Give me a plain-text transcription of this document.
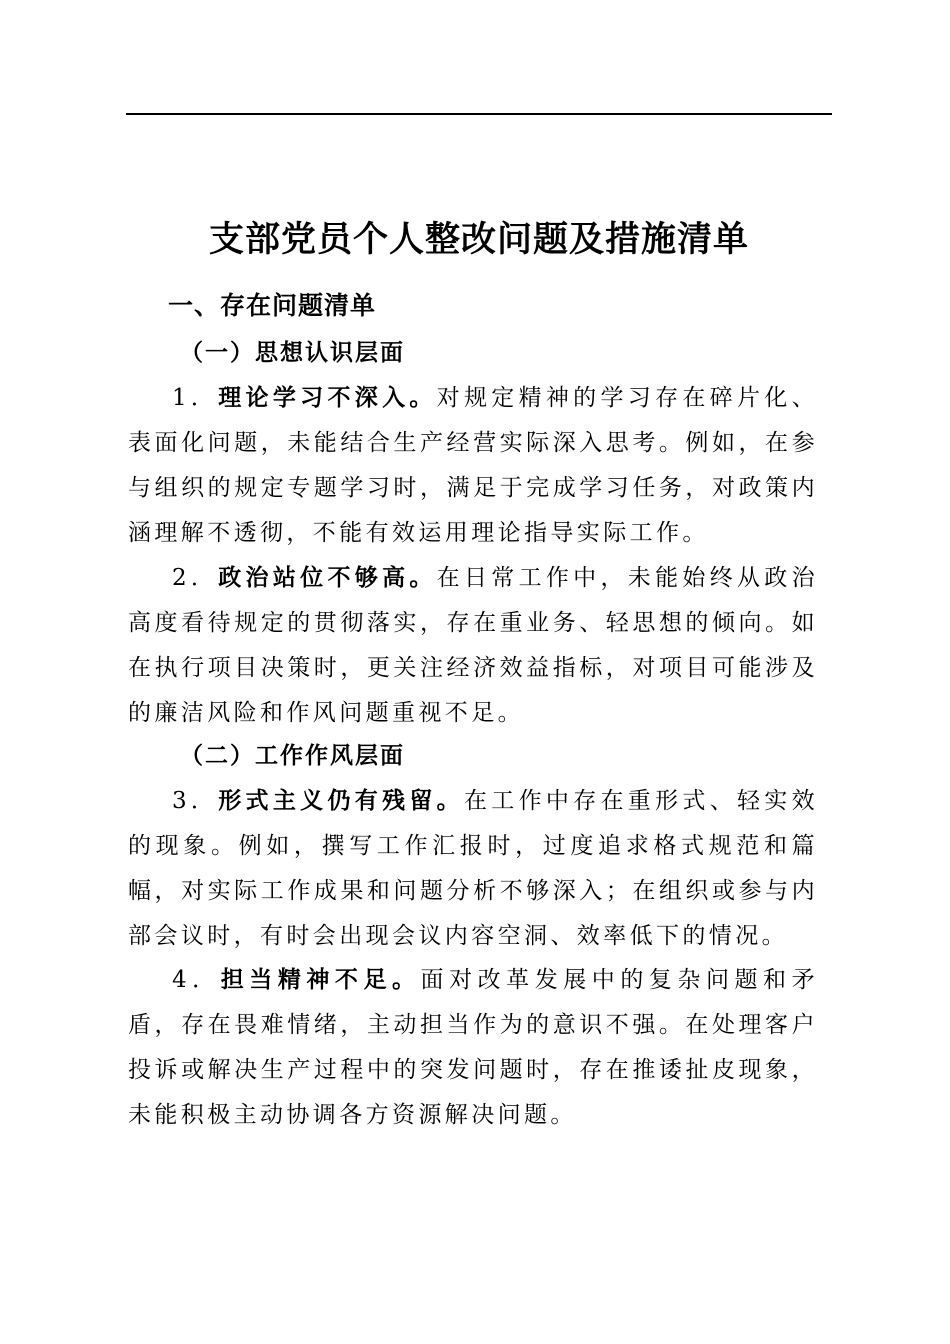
支部党员个人整改问题及措施清单
一、存在问题清单
（一）思想认识层面

1．理论学习不深入。对规定精神的学习存在碎片化、表面化问题，未能结合生产经营实际深入思考。例如，在参与组织的规定专题学习时，满足于完成学习任务，对政策内涵理解不透彻，不能有效运用理论指导实际工作。

2．政治站位不够高。在日常工作中，未能始终从政治高度看待规定的贯彻落实，存在重业务、轻思想的倾向。如在执行项目决策时，更关注经济效益指标，对项目可能涉及的廉洁风险和作风问题重视不足。

（二）工作作风层面

3．形式主义仍有残留。在工作中存在重形式、轻实效的现象。例如，撰写工作汇报时，过度追求格式规范和篇幅，对实际工作成果和问题分析不够深入；在组织或参与内部会议时，有时会出现会议内容空洞、效率低下的情况。

4．担当精神不足。面对改革发展中的复杂问题和矛盾，存在畏难情绪，主动担当作为的意识不强。在处理客户投诉或解决生产过程中的突发问题时，存在推诿扯皮现象，未能积极主动协调各方资源解决问题。
